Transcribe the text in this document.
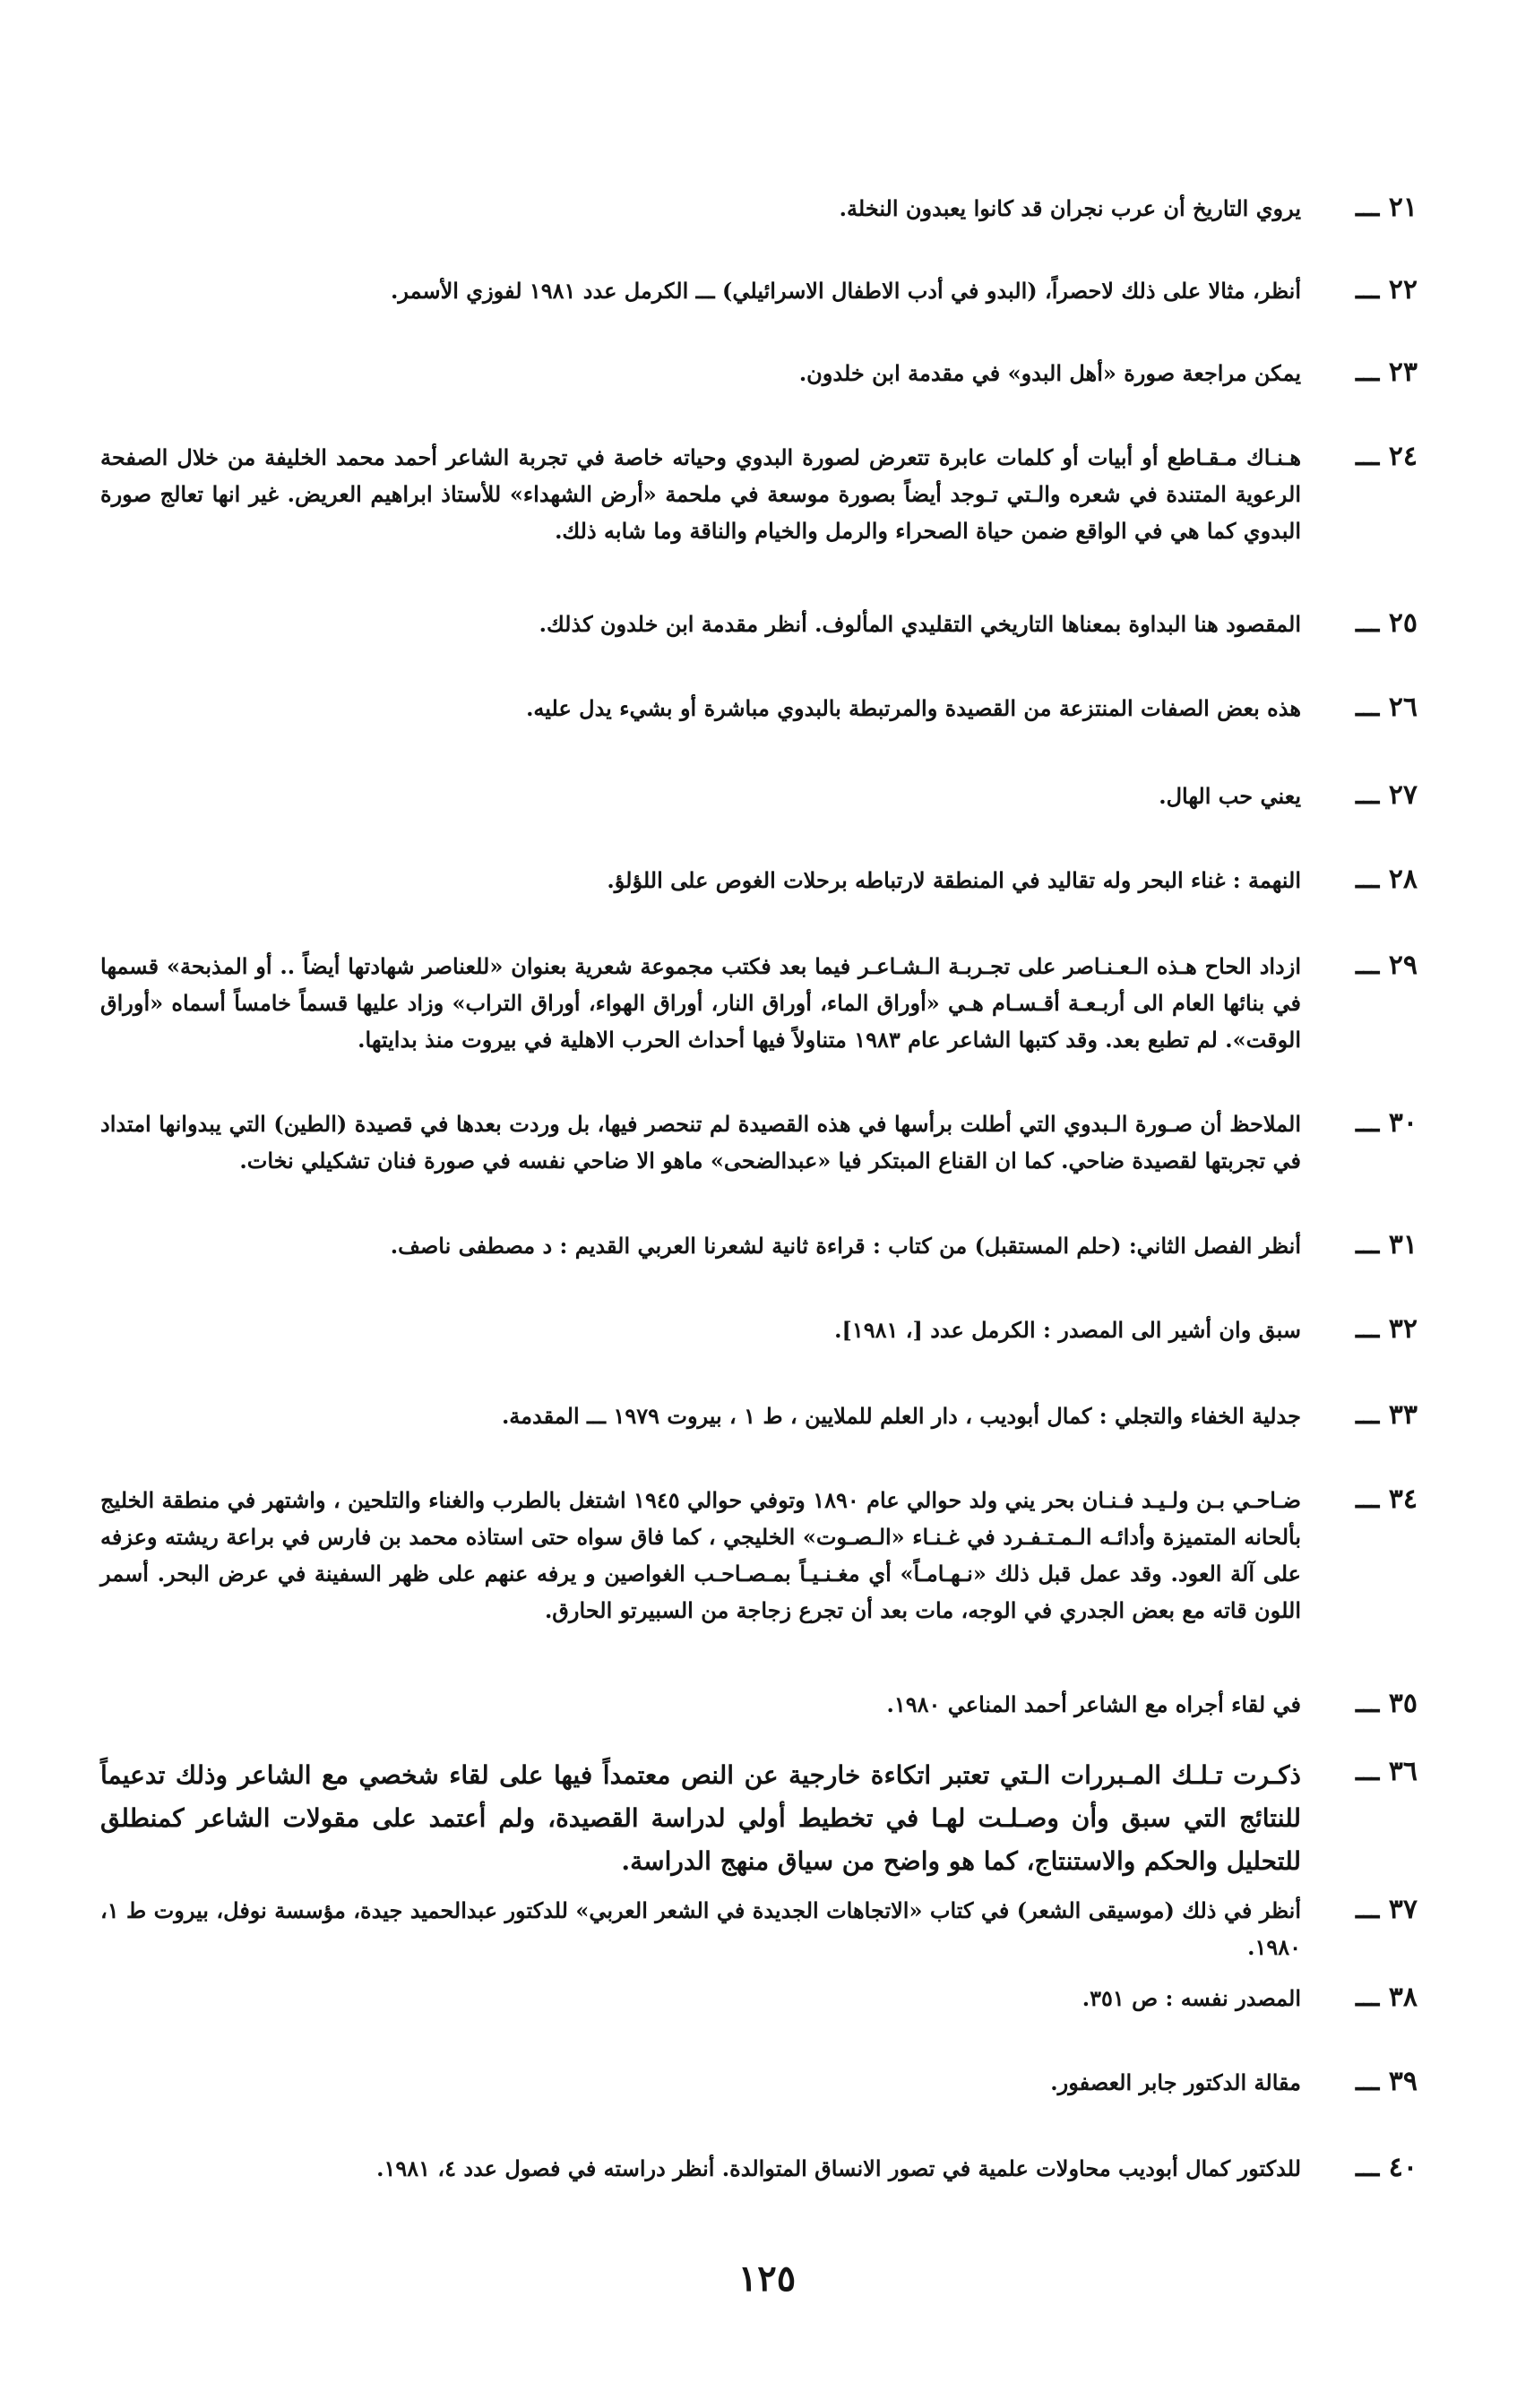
٢١ ـــ
يروي التاريخ أن عرب نجران قد كانوا يعبدون النخلة.
٢٢ ـــ
أنظر، مثالا على ذلك لاحصراً، (البدو في أدب الاطفال الاسرائيلي) ـــ الكرمل عدد ١٩٨١ لفوزي الأسمر.
٢٣ ـــ
يمكن مراجعة صورة «أهل البدو» في مقدمة ابن خلدون.
٢٤ ـــ
هـنـاك مـقـاطع أو أبيات أو كلمات عابرة تتعرض لصورة البدوي وحياته خاصة في تجربة الشاعر أحمد محمد الخليفة من خلال الصفحة الرعوية المتندة في شعره والـتي تـوجد أيضاً بصورة موسعة في ملحمة «أرض الشهداء» للأستاذ ابراهيم العريض. غير انها تعالج صورة البدوي كما هي في الواقع ضمن حياة الصحراء والرمل والخيام والناقة وما شابه ذلك.
٢٥ ـــ
المقصود هنا البداوة بمعناها التاريخي التقليدي المألوف. أنظر مقدمة ابن خلدون كذلك.
٢٦ ـــ
هذه بعض الصفات المنتزعة من القصيدة والمرتبطة بالبدوي مباشرة أو بشيء يدل عليه.
٢٧ ـــ
يعني حب الهال.
٢٨ ـــ
النهمة : غناء البحر وله تقاليد في المنطقة لارتباطه برحلات الغوص على اللؤلؤ.
٢٩ ـــ
ازداد الحاح هـذه الـعـنـاصر على تجـربـة الـشـاعـر فيما بعد فكتب مجموعة شعرية بعنوان «للعناصر شهادتها أيضاً .. أو المذبحة» قسمها في بنائها العام الى أربـعـة أقـسـام هـي «أوراق الماء، أوراق النار، أوراق الهواء، أوراق التراب» وزاد عليها قسماً خامساً أسماه «أوراق الوقت». لم تطبع بعد. وقد كتبها الشاعر عام ١٩٨٣ متناولاً فيها أحداث الحرب الاهلية في بيروت منذ بدايتها.
٣٠ ـــ
الملاحظ أن صـورة الـبدوي التي أطلت برأسها في هذه القصيدة لم تنحصر فيها، بل وردت بعدها في قصيدة (الطين) التي يبدوانها امتداد في تجربتها لقصيدة ضاحي. كما ان القناع المبتكر فيا «عبدالضحى» ماهو الا ضاحي نفسه في صورة فنان تشكيلي نخات.
٣١ ـــ
أنظر الفصل الثاني: (حلم المستقبل) من كتاب : قراءة ثانية لشعرنا العربي القديم : د مصطفى ناصف.
٣٢ ـــ
سبق وان أشير الى المصدر : الكرمل عدد [، ١٩٨١].
٣٣ ـــ
جدلية الخفاء والتجلي : كمال أبوديب ، دار العلم للملايين ، ط ١ ، بيروت ١٩٧٩ ـــ المقدمة.
٣٤ ـــ
ضـاحـي بـن ولـيـد فـنـان بحر يني ولد حوالي عام ١٨٩٠ وتوفي حوالي ١٩٤٥ اشتغل بالطرب والغناء والتلحين ، واشتهر في منطقة الخليج بألحانه المتميزة وأدائـه الـمـتـفـرد في غـنـاء «الـصـوت» الخليجي ، كما فاق سواه حتى استاذه محمد بن فارس في براعة ريشته وعزفه على آلة العود. وقد عمل قبل ذلك «نـهـامـاً» أي مغـنـيـاً بمـصـاحـب الغواصين و يرفه عنهم على ظهر السفينة في عرض البحر. أسمر اللون قاته مع بعض الجدري في الوجه، مات بعد أن تجرع زجاجة من السبيرتو الحارق.
٣٥ ـــ
في لقاء أجراه مع الشاعر أحمد المناعي ١٩٨٠.
٣٦ ـــ
ذكـرت تـلـك المـبررات الـتي تعتبر اتكاءة خارجية عن النص معتمداً فيها على لقاء شخصي مع الشاعر وذلك تدعيماً للنتائج التي سبق وأن وصـلـت لهـا في تخطيط أولي لدراسة القصيدة، ولم أعتمد على مقولات الشاعر كمنطلق للتحليل والحكم والاستنتاج، كما هو واضح من سياق منهج الدراسة.
٣٧ ـــ
أنظر في ذلك (موسيقى الشعر) في كتاب «الاتجاهات الجديدة في الشعر العربي» للدكتور عبدالحميد جيدة، مؤسسة نوفل، بيروت ط ١، ١٩٨٠.
٣٨ ـــ
المصدر نفسه : ص ٣٥١.
٣٩ ـــ
مقالة الدكتور جابر العصفور.
٤٠ ـــ
للدكتور كمال أبوديب محاولات علمية في تصور الانساق المتوالدة. أنظر دراسته في فصول عدد ٤، ١٩٨١.
١٢٥
